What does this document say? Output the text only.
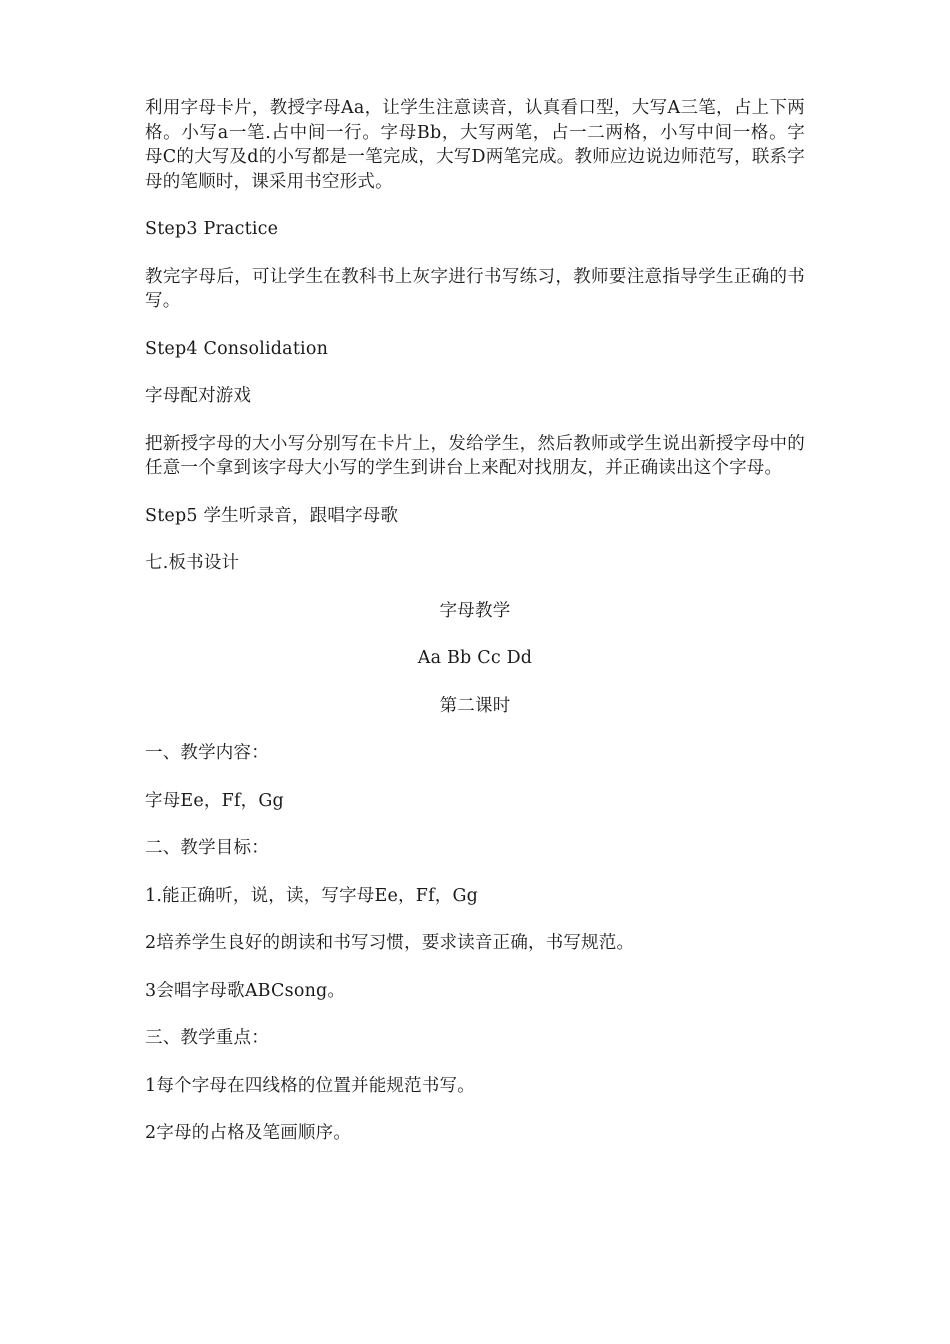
利用字母卡片，教授字母Aa，让学生注意读音，认真看口型，大写A三笔，占上下两格。小写a一笔.占中间一行。字母Bb，大写两笔，占一二两格，小写中间一格。字母C的大写及d的小写都是一笔完成，大写D两笔完成。教师应边说边师范写，联系字母的笔顺时，课采用书空形式。

Step3 Practice

教完字母后，可让学生在教科书上灰字进行书写练习，教师要注意指导学生正确的书写。

Step4 Consolidation

字母配对游戏

把新授字母的大小写分别写在卡片上，发给学生，然后教师或学生说出新授字母中的任意一个拿到该字母大小写的学生到讲台上来配对找朋友，并正确读出这个字母。

Step5 学生听录音，跟唱字母歌

七.板书设计

字母教学

Aa Bb Cc Dd

第二课时

一、教学内容：

字母Ee，Ff，Gg

二、教学目标：

1.能正确听，说，读，写字母Ee，Ff，Gg

2培养学生良好的朗读和书写习惯，要求读音正确，书写规范。

3会唱字母歌ABCsong。

三、教学重点：

1每个字母在四线格的位置并能规范书写。

2字母的占格及笔画顺序。
